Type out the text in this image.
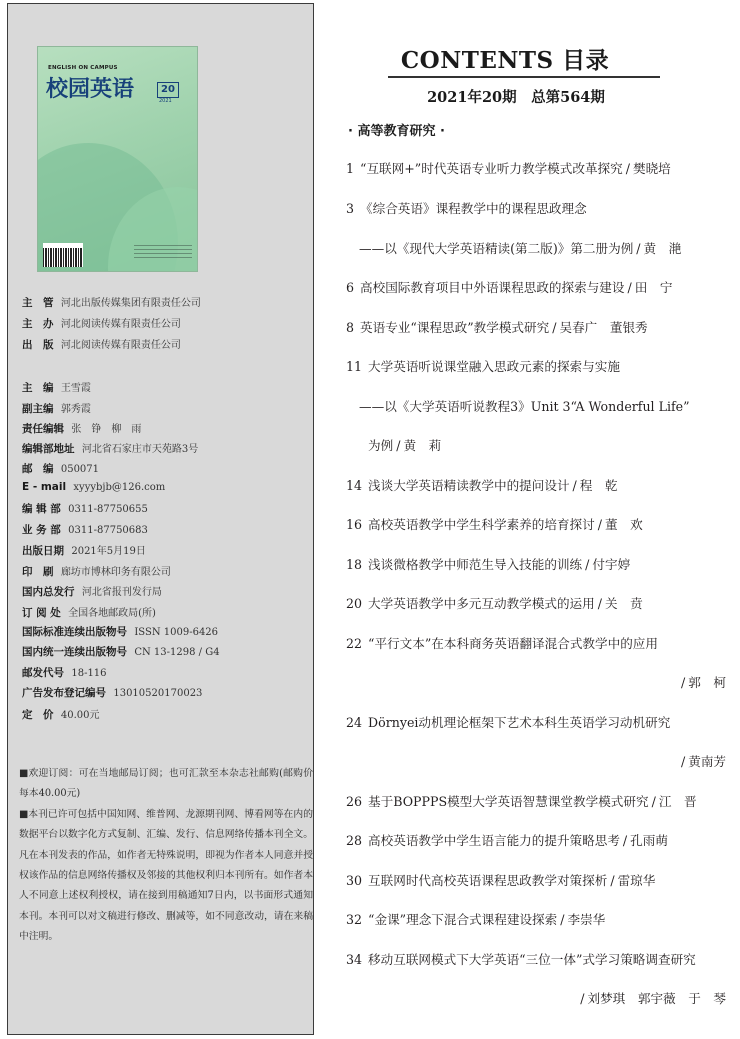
ENGLISH ON CAMPUS
校园英语	20
2021
主　管 河北出版传媒集团有限责任公司
主　办 河北阅读传媒有限责任公司
出　版 河北阅读传媒有限责任公司
主　编 王雪霞
副主编 郭秀霞
责任编辑 张　铮　柳　雨
编辑部地址 河北省石家庄市天苑路3号
邮　编 050071
E - mail xyyybjb@126.com
编 辑 部 0311-87750655
业 务 部 0311-87750683
出版日期 2021年5月19日
印　刷 廊坊市博林印务有限公司
国内总发行 河北省报刊发行局
订 阅 处 全国各地邮政局(所)
国际标准连续出版物号 ISSN 1009-6426
国内统一连续出版物号 CN 13-1298 / G4
邮发代号 18-116
广告发布登记编号 13010520170023
定　价 40.00元

■欢迎订阅：可在当地邮局订阅；也可汇款至本杂志社邮购(邮购价每本40.00元)

■本刊已许可包括中国知网、维普网、龙源期刊网、博看网等在内的数据平台以数字化方式复制、汇编、发行、信息网络传播本刊全文。凡在本刊发表的作品，如作者无特殊说明，即视为作者本人同意并授权该作品的信息网络传播权及邻接的其他权利归本刊所有。如作者本人不同意上述权利授权，请在接到用稿通知7日内，以书面形式通知本刊。本刊可以对文稿进行修改、删减等，如不同意改动，请在来稿中注明。

CONTENTS 目录
2021年20期　总第564期
· 高等教育研究 ·
1 “互联网+”时代英语专业听力教学模式改革探究 / 樊晓培
3 《综合英语》课程教学中的课程思政理念
——以《现代大学英语精读(第二版)》第二册为例 / 黄　滟
6 高校国际教育项目中外语课程思政的探索与建设 / 田　宁
8 英语专业“课程思政”教学模式研究 / 吴春广　董银秀
11 大学英语听说课堂融入思政元素的探索与实施
——以《大学英语听说教程3》Unit 3“A Wonderful Life”
为例 / 黄　莉
14 浅谈大学英语精读教学中的提问设计 / 程　乾
16 高校英语教学中学生科学素养的培育探讨 / 董　欢
18 浅谈微格教学中师范生导入技能的训练 / 付宇婷
20 大学英语教学中多元互动教学模式的运用 / 关　贲
22 “平行文本”在本科商务英语翻译混合式教学中的应用
/ 郭　柯
24 Dörnyei动机理论框架下艺术本科生英语学习动机研究
/ 黄南芳
26 基于BOPPPS模型大学英语智慧课堂教学模式研究 / 江　晋
28 高校英语教学中学生语言能力的提升策略思考 / 孔雨萌
30 互联网时代高校英语课程思政教学对策探析 / 雷琼华
32 “金课”理念下混合式课程建设探索 / 李崇华
34 移动互联网模式下大学英语“三位一体”式学习策略调查研究
/ 刘梦琪　郭宇薇　于　琴
